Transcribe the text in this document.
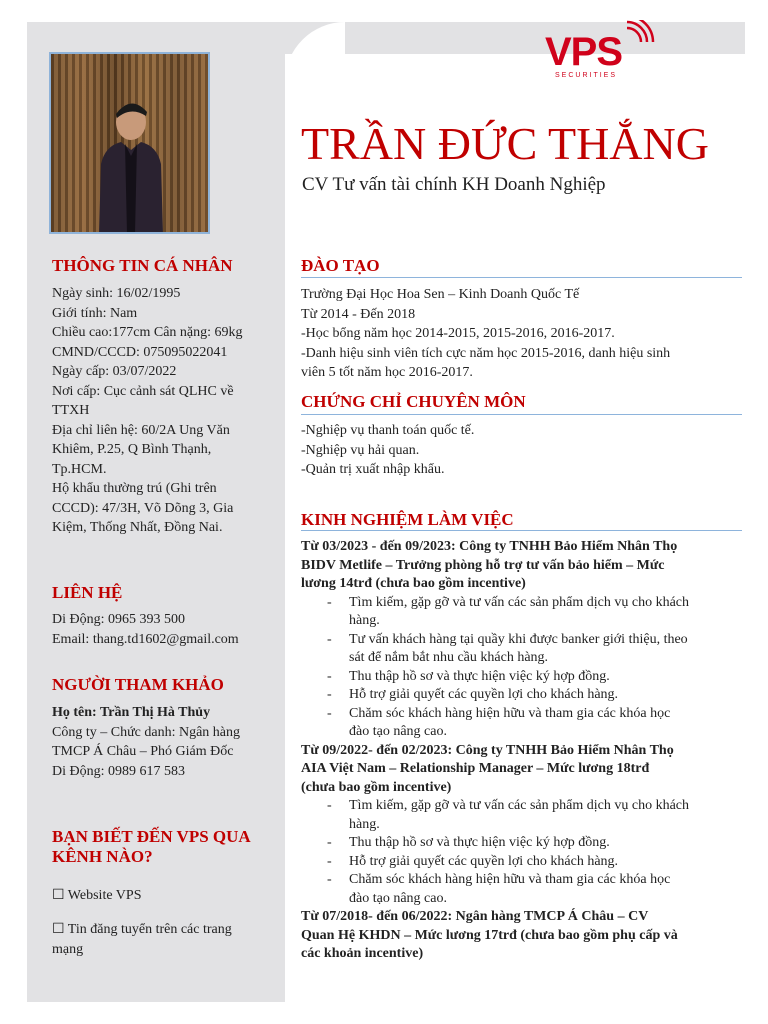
VPS
SECURITIES
TRẦN ĐỨC THẮNG
CV Tư vấn tài chính KH Doanh Nghiệp
THÔNG TIN CÁ NHÂN
Ngày sinh: 16/02/1995
Giới tính: Nam
Chiều cao:177cm Cân nặng: 69kg
CMND/CCCD: 075095022041
Ngày cấp: 03/07/2022
Nơi cấp: Cục cảnh sát QLHC về
TTXH
Địa chỉ liên hệ: 60/2A Ung Văn
Khiêm, P.25, Q Bình Thạnh,
Tp.HCM.
Hộ khẩu thường trú (Ghi trên
CCCD): 47/3H, Võ Dõng 3, Gia
Kiệm, Thống Nhất, Đồng Nai.
LIÊN HỆ
Di Động: 0965 393 500
Email: thang.td1602@gmail.com
NGƯỜI THAM KHẢO
Họ tên: Trần Thị Hà Thủy
Công ty – Chức danh: Ngân hàng
TMCP Á Châu – Phó Giám Đốc
Di Động: 0989 617 583
BẠN BIẾT ĐẾN VPS QUA
KÊNH NÀO?
☐ Website VPS
☐ Tin đăng tuyển trên các trang
mạng
ĐÀO TẠO
Trường Đại Học Hoa Sen – Kinh Doanh Quốc Tế
Từ 2014 - Đến 2018
-Học bổng năm học 2014-2015, 2015-2016, 2016-2017.
-Danh hiệu sinh viên tích cực năm học 2015-2016, danh hiệu sinh
viên 5 tốt năm học 2016-2017.
CHỨNG CHỈ CHUYÊN MÔN
-Nghiệp vụ thanh toán quốc tế.
-Nghiệp vụ hải quan.
-Quản trị xuất nhập khẩu.
KINH NGHIỆM LÀM VIỆC
Từ 03/2023 - đến 09/2023: Công ty TNHH Bảo Hiểm Nhân Thọ
BIDV Metlife – Trưởng phòng hỗ trợ tư vấn bảo hiểm – Mức
lương 14trđ (chưa bao gồm incentive)
- Tìm kiếm, gặp gỡ và tư vấn các sản phẩm dịch vụ cho khách
hàng.
- Tư vấn khách hàng tại quầy khi được banker giới thiệu, theo
sát để nắm bắt nhu cầu khách hàng.
- Thu thập hồ sơ và thực hiện việc ký hợp đồng.
- Hỗ trợ giải quyết các quyền lợi cho khách hàng.
- Chăm sóc khách hàng hiện hữu và tham gia các khóa học
đào tạo nâng cao.
Từ 09/2022- đến 02/2023: Công ty TNHH Bảo Hiểm Nhân Thọ
AIA Việt Nam – Relationship Manager – Mức lương 18trđ
(chưa bao gồm incentive)
- Tìm kiếm, gặp gỡ và tư vấn các sản phẩm dịch vụ cho khách
hàng.
- Thu thập hồ sơ và thực hiện việc ký hợp đồng.
- Hỗ trợ giải quyết các quyền lợi cho khách hàng.
- Chăm sóc khách hàng hiện hữu và tham gia các khóa học
đào tạo nâng cao.
Từ 07/2018- đến 06/2022: Ngân hàng TMCP Á Châu – CV
Quan Hệ KHDN – Mức lương 17trđ (chưa bao gồm phụ cấp và
các khoản incentive)
